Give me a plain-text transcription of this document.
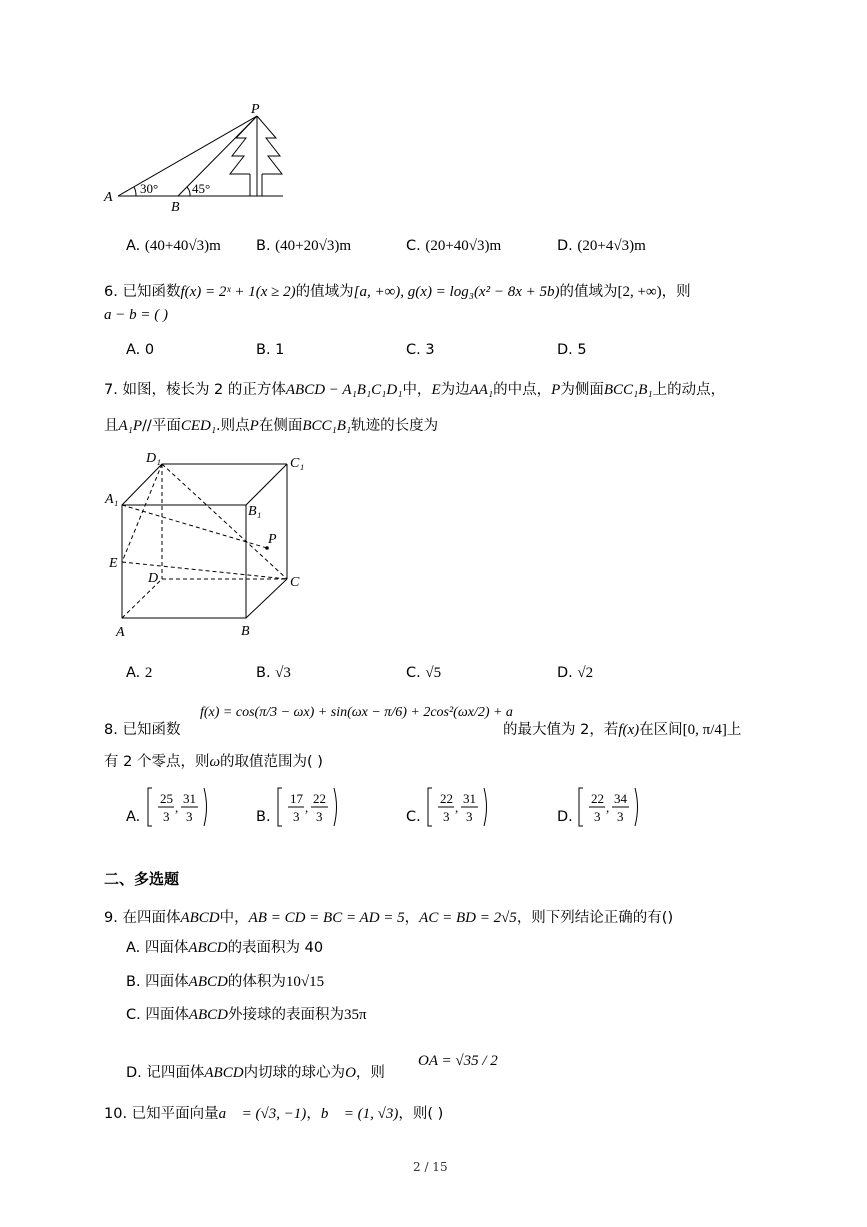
P
A
B
30°	45°
A. (40+40√3)m B. (40+20√3)m	C. (20+40√3)m	D. (20+4√3)m
6. 已知函数f(x) = 2ˣ + 1(x ≥ 2)的值域为[a, +∞), g(x) = log₃(x² − 8x + 5b)的值域为[2, +∞)，则
a − b = ( )
A. 0	B. 1	C. 3	D. 5
7. 如图，棱长为 2 的正方体ABCD − A₁B₁C₁D₁中，E为边AA₁的中点，P为侧面BCC₁B₁上的动点，
且A₁P//平面CED₁.则点P在侧面BCC₁B₁轨迹的长度为
D₁	C₁
A₁
B₁
P
E
D	C
A	B
A. 2	B. √3	C. √5	D. √2
8. 已知函数
f(x) = cos(π/3 − ωx) + sin(ωx − π/6) + 2cos²(ωx/2) + a
的最大值为 2，若f(x)在区间[0, π/4]上
有 2 个零点，则ω的取值范围为( )
A.
25
3
,
31
3	B.
17
3
,
22
3	C.
22
3
,
31
3	D.
22
3
,
34
3
二、多选题
9. 在四面体ABCD中，AB = CD = BC = AD = 5，AC = BD = 2√5，则下列结论正确的有()
A. 四面体ABCD的表面积为 40
B. 四面体ABCD的体积为10√15
C. 四面体ABCD外接球的表面积为35π
D. 记四面体ABCD内切球的球心为O，则
OA = √35 / 2
10. 已知平面向量a⃗ = (√3, −1)，b⃗ = (1, √3)，则( )
2 / 15
